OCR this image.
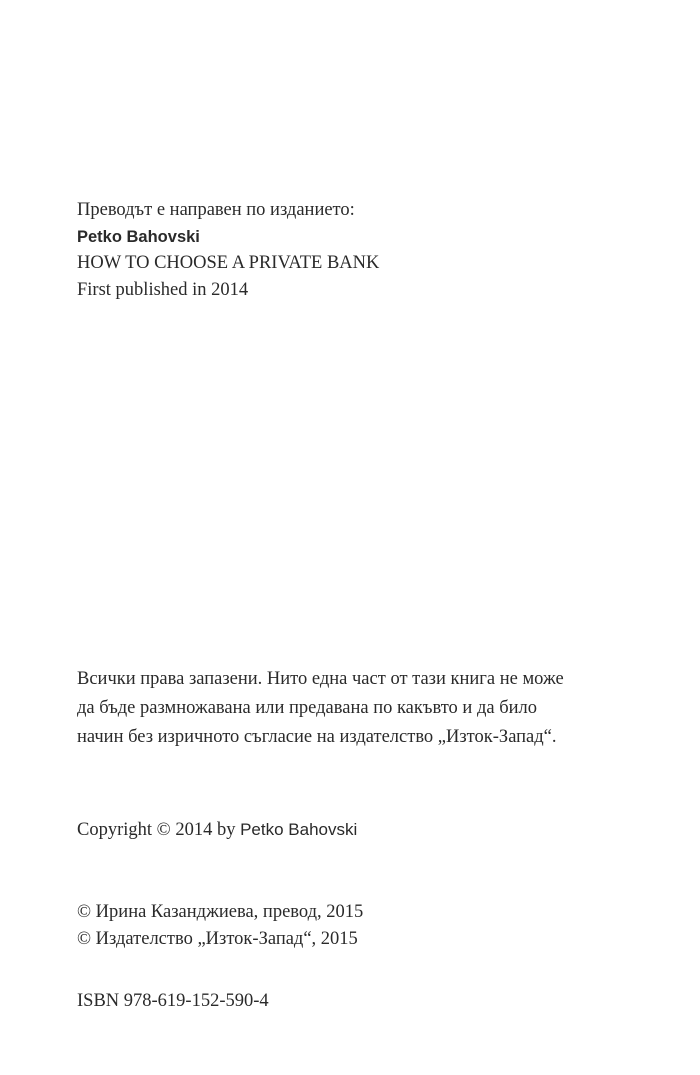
Преводът е направен по изданието:

Petko Bahovski

HOW TO CHOOSE A PRIVATE BANK

First published in 2014

Всички права запазени. Нито една част от тази книга не може

да бъде размножавана или предавана по какъвто и да било

начин без изричното съгласие на издателство „Изток-Запад“.

Copyright © 2014 by Petko Bahovski

© Ирина Казанджиева, превод, 2015

© Издателство „Изток-Запад“, 2015

ISBN 978-619-152-590-4
